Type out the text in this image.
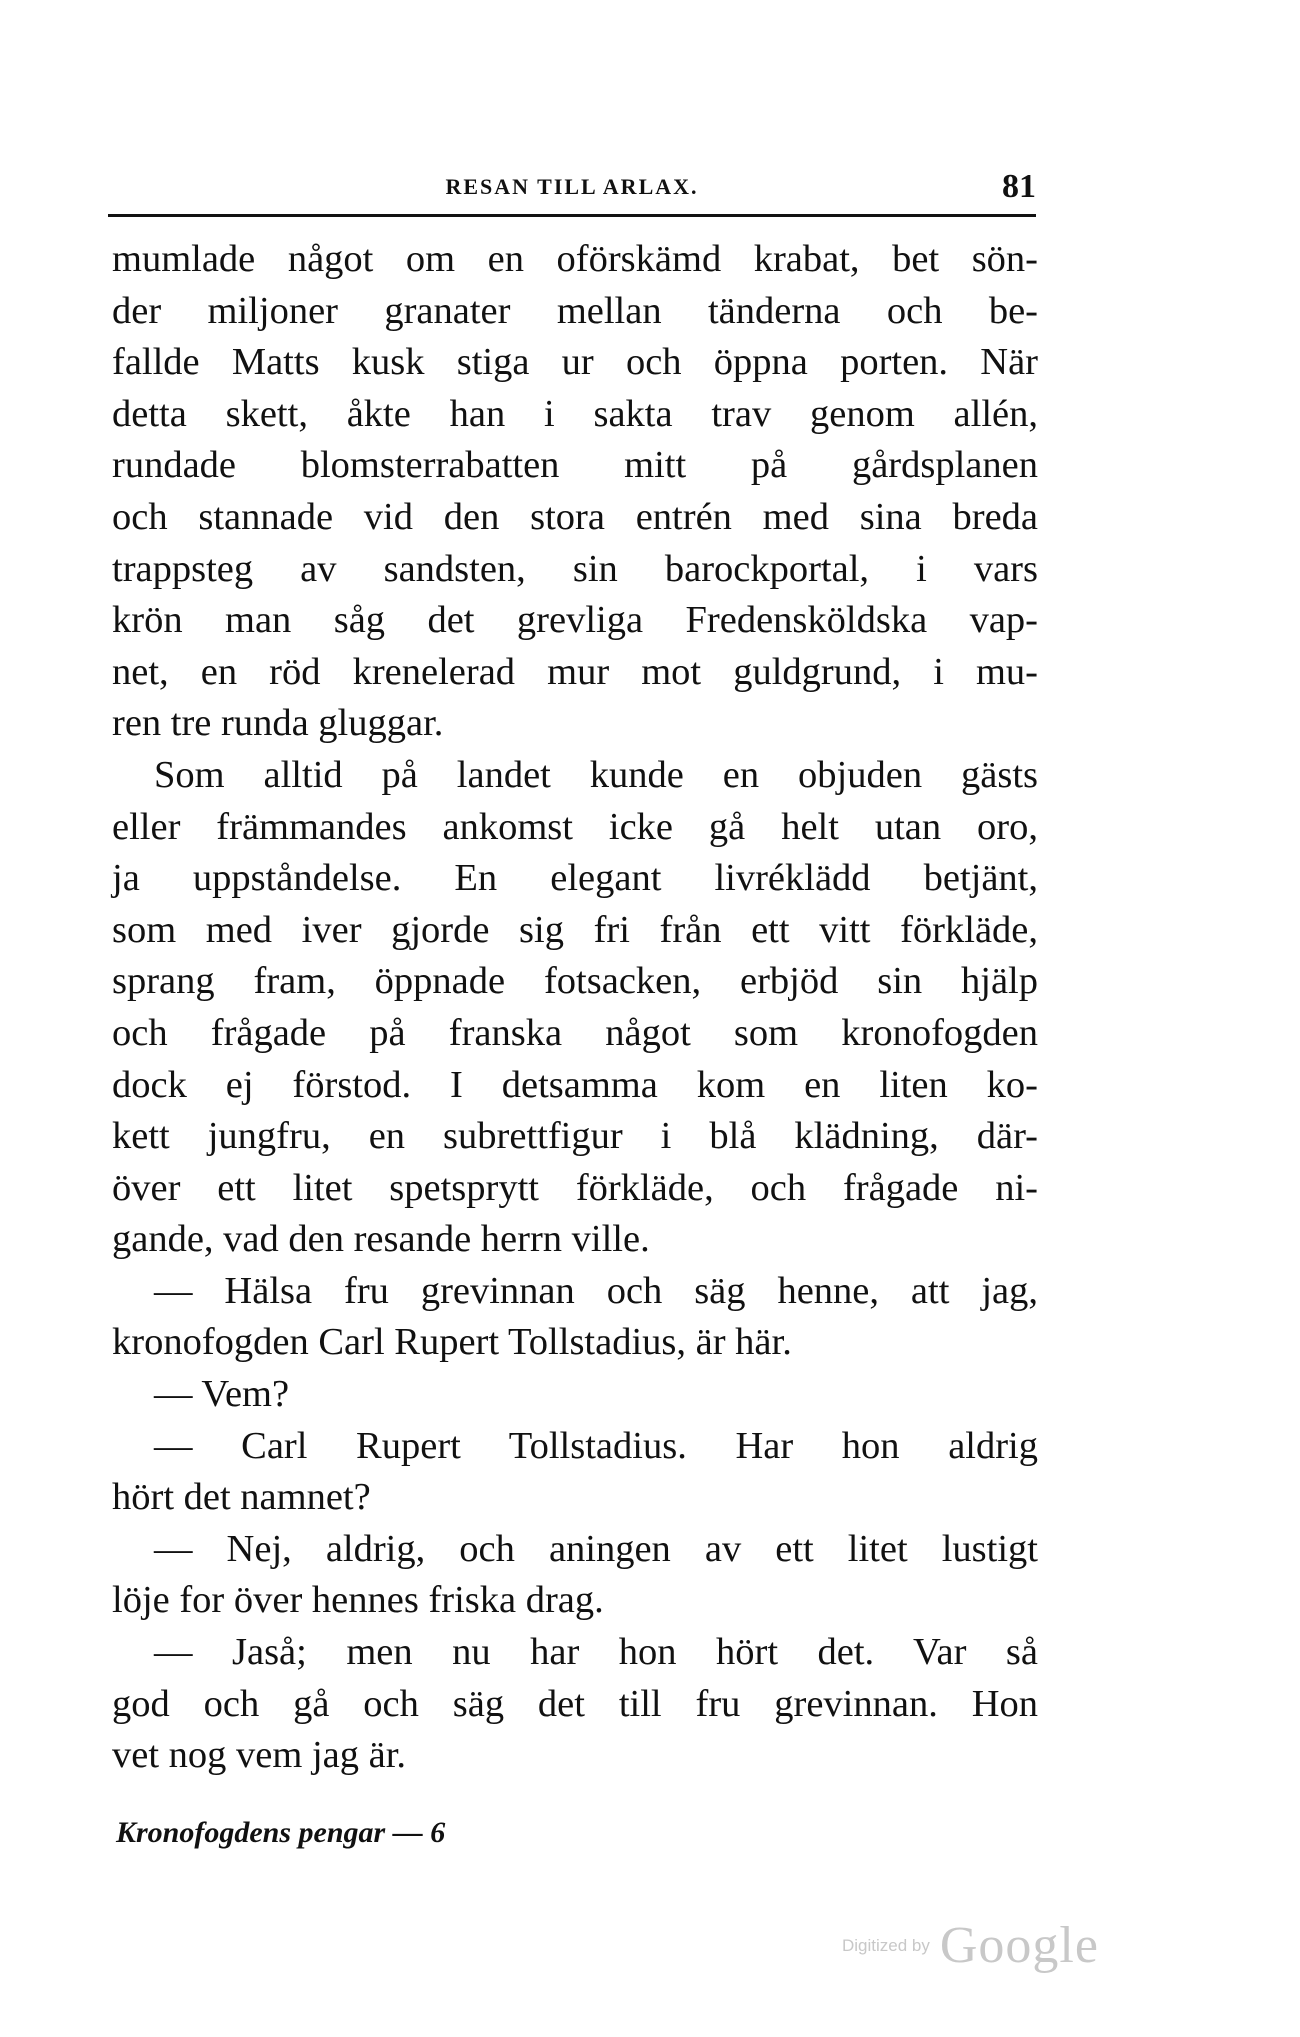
RESAN TILL ARLAX.	81
mumlade något om en oförskämd krabat, bet sön-
der miljoner granater mellan tänderna och be-
fallde Matts kusk stiga ur och öppna porten. När
detta skett, åkte han i sakta trav genom allén,
rundade blomsterrabatten mitt på gårdsplanen
och stannade vid den stora entrén med sina breda
trappsteg av sandsten, sin barockportal, i vars
krön man såg det grevliga Fredensköldska vap-
net, en röd krenelerad mur mot guldgrund, i mu-
ren tre runda gluggar.
Som alltid på landet kunde en objuden gästs
eller främmandes ankomst icke gå helt utan oro,
ja uppståndelse. En elegant livréklädd betjänt,
som med iver gjorde sig fri från ett vitt förkläde,
sprang fram, öppnade fotsacken, erbjöd sin hjälp
och frågade på franska något som kronofogden
dock ej förstod. I detsamma kom en liten ko-
kett jungfru, en subrettfigur i blå klädning, där-
över ett litet spetsprytt förkläde, och frågade ni-
gande, vad den resande herrn ville.
— Hälsa fru grevinnan och säg henne, att jag,
kronofogden Carl Rupert Tollstadius, är här.
— Vem?
— Carl Rupert Tollstadius. Har hon aldrig
hört det namnet?
— Nej, aldrig, och aningen av ett litet lustigt
löje for över hennes friska drag.
— Jaså; men nu har hon hört det. Var så
god och gå och säg det till fru grevinnan. Hon
vet nog vem jag är.
Kronofogdens pengar — 6
Digitized by Google
